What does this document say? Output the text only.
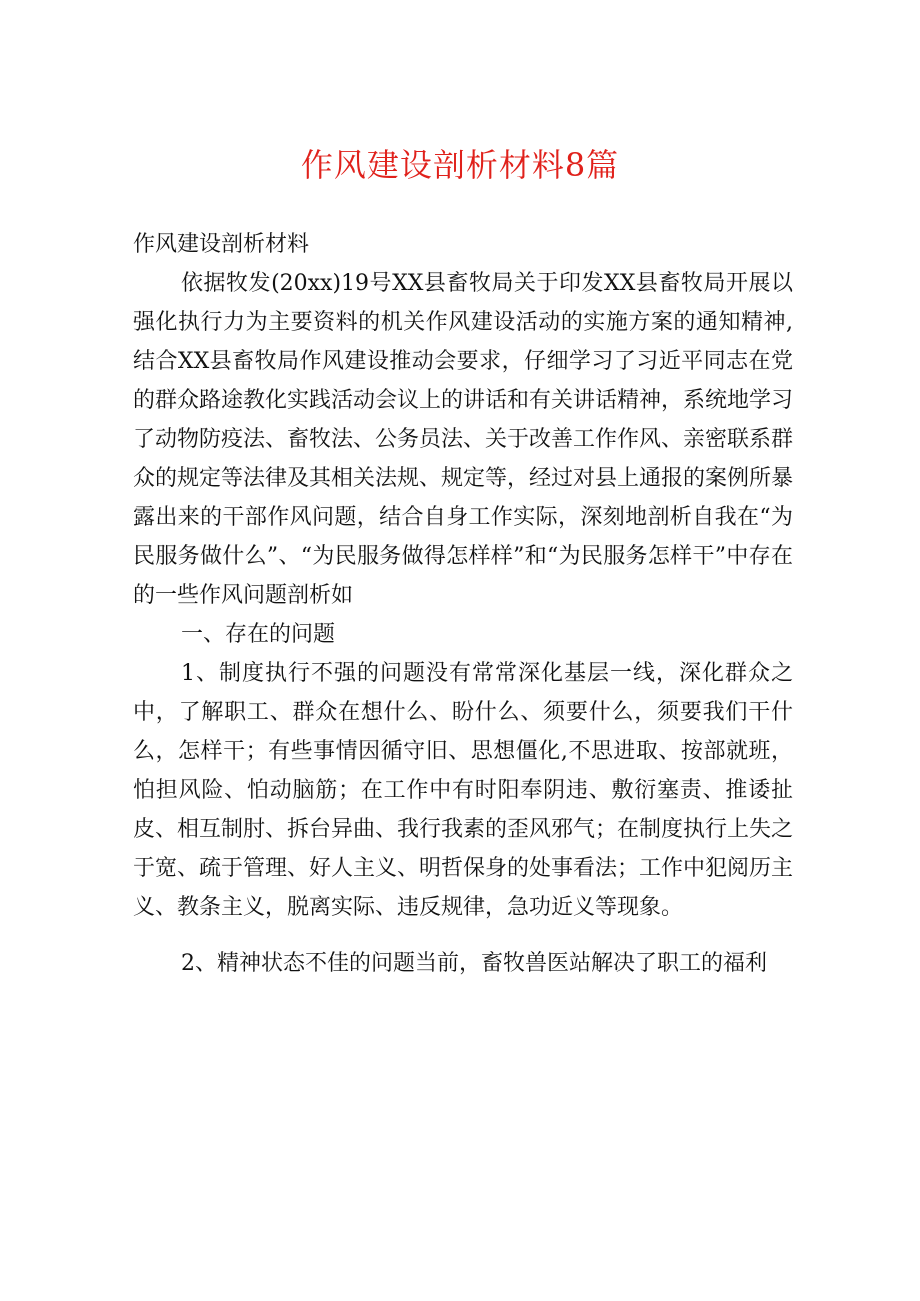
作风建设剖析材料8篇

作风建设剖析材料

依据牧发(20xx)19号XX县畜牧局关于印发XX县畜牧局开展以强化执行力为主要资料的机关作风建设活动的实施方案的通知精神,结合XX县畜牧局作风建设推动会要求，仔细学习了习近平同志在党的群众路途教化实践活动会议上的讲话和有关讲话精神，系统地学习了动物防疫法、畜牧法、公务员法、关于改善工作作风、亲密联系群众的规定等法律及其相关法规、规定等，经过对县上通报的案例所暴露出来的干部作风问题，结合自身工作实际，深刻地剖析自我在“为民服务做什么”、“为民服务做得怎样样”和“为民服务怎样干”中存在的一些作风问题剖析如

一、存在的问题

1、制度执行不强的问题没有常常深化基层一线，深化群众之中，了解职工、群众在想什么、盼什么、须要什么，须要我们干什么，怎样干；有些事情因循守旧、思想僵化,不思进取、按部就班，怕担风险、怕动脑筋；在工作中有时阳奉阴违、敷衍塞责、推诿扯皮、相互制肘、拆台异曲、我行我素的歪风邪气；在制度执行上失之于宽、疏于管理、好人主义、明哲保身的处事看法；工作中犯阅历主义、教条主义，脱离实际、违反规律，急功近义等现象。

2、精神状态不佳的问题当前，畜牧兽医站解决了职工的福利
